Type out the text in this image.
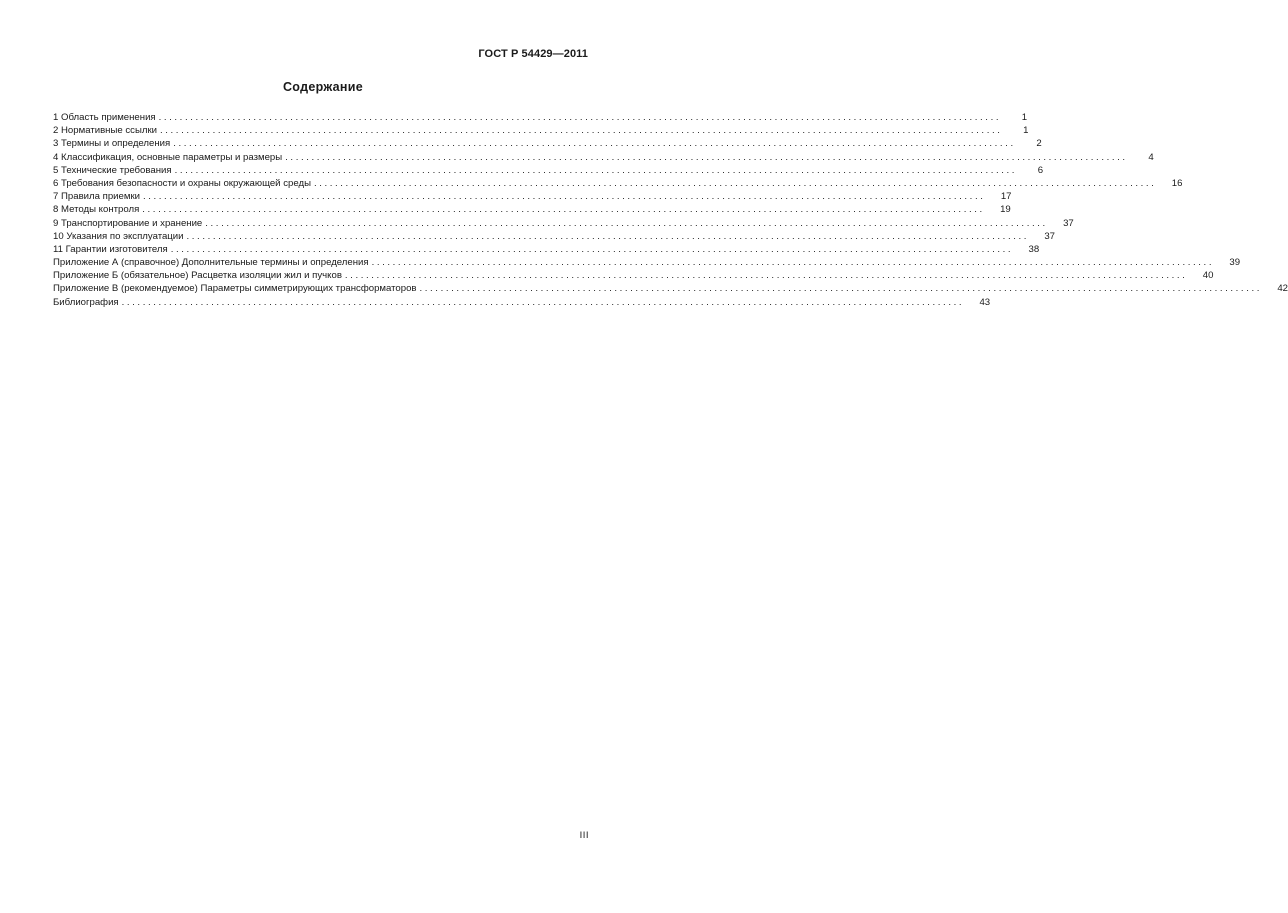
ГОСТ Р 54429—2011
Содержание
1 Область применения ................................................................................................................................................................	1
2 Нормативные ссылки ................................................................................................................................................................	1
3 Термины и определения ................................................................................................................................................................	2
4 Классификация, основные параметры и размеры ................................................................................................................................................................	4
5 Технические требования ................................................................................................................................................................	6
6 Требования безопасности и охраны окружающей среды ................................................................................................................................................................	16
7 Правила приемки ................................................................................................................................................................	17
8 Методы контроля ................................................................................................................................................................	19
9 Транспортирование и хранение ................................................................................................................................................................	37
10 Указания по эксплуатации ................................................................................................................................................................	37
11 Гарантии изготовителя ................................................................................................................................................................	38
Приложение А (справочное) Дополнительные термины и определения ................................................................................................................................................................	39
Приложение Б (обязательное) Расцветка изоляции жил и пучков ................................................................................................................................................................	40
Приложение В (рекомендуемое) Параметры симметрирующих трансформаторов ................................................................................................................................................................	42
Библиография ................................................................................................................................................................	43
III
